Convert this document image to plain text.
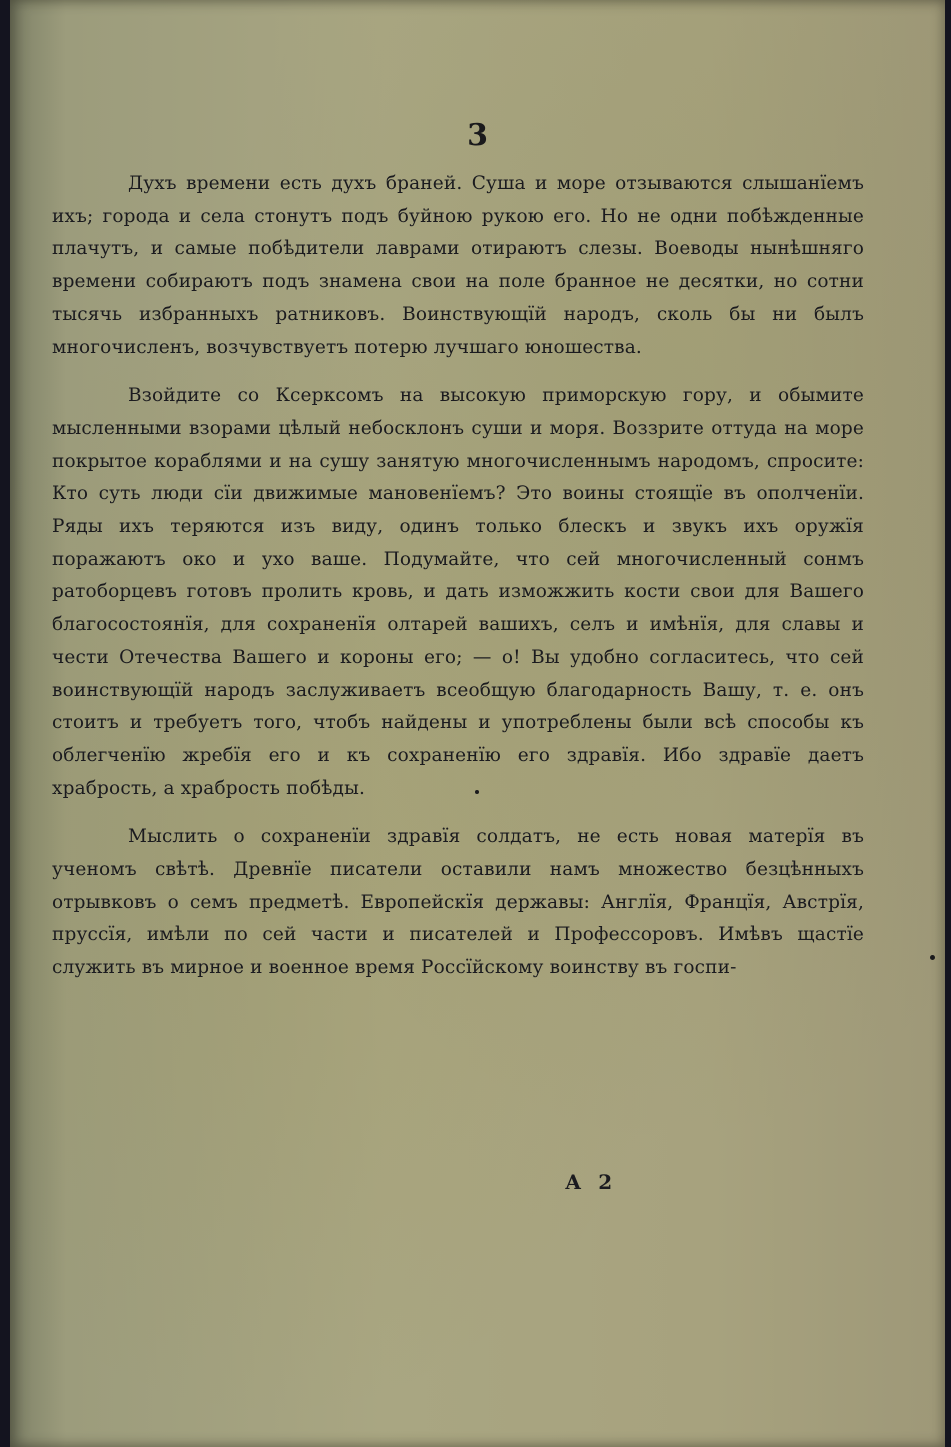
3

Духъ времени есть духъ браней. Суша и море отзываются слышанїемъ ихъ; города и села стонутъ подъ буйною рукою его. Но не одни побѣжденные плачутъ, и самые побѣдители лаврами отираютъ слезы. Воеводы нынѣшняго времени собираютъ подъ знамена свои на поле бранное не десятки, но сотни тысячь избранныхъ ратниковъ. Воинствующїй народъ, сколь бы ни былъ многочисленъ, возчувствуетъ потерю лучшаго юношества.

Взойдите со Ксерксомъ на высокую приморскую гору, и обымите мысленными взорами цѣлый небосклонъ суши и моря. Воззрите оттуда на море покрытое кораблями и на сушу занятую многочисленнымъ народомъ, спросите: Кто суть люди сїи движимые мановенїемъ? Это воины стоящїе въ ополченїи. Ряды ихъ теряются изъ виду, одинъ только блескъ и звукъ ихъ оружїя поражаютъ око и ухо ваше. Подумайте, что сей многочисленный сонмъ ратоборцевъ готовъ пролить кровь, и дать изможжить кости свои для Вашего благосостоянїя, для сохраненїя олтарей вашихъ, селъ и имѣнїя, для славы и чести Отечества Вашего и короны его; — о! Вы удобно согласитесь, что сей воинствующїй народъ заслуживаетъ всеобщую благодарность Вашу, т. е. онъ стоитъ и требуетъ того, чтобъ найдены и употреблены были всѣ способы къ облегченїю жребїя его и къ сохраненїю его здравїя. Ибо здравїе даетъ храбрость, а храбрость побѣды.

Мыслить о сохраненїи здравїя солдатъ, не есть новая матерїя въ ученомъ свѣтѣ. Древнїе писатели оставили намъ множество безцѣнныхъ отрывковъ о семъ предметѣ. Европейскїя державы: Англїя, Францїя, Австрїя, пруссїя, имѣли по сей части и писателей и Профессоровъ. Имѣвъ щастїе служить въ мирное и военное время Россїйскому воинству въ госпи-

А 2
